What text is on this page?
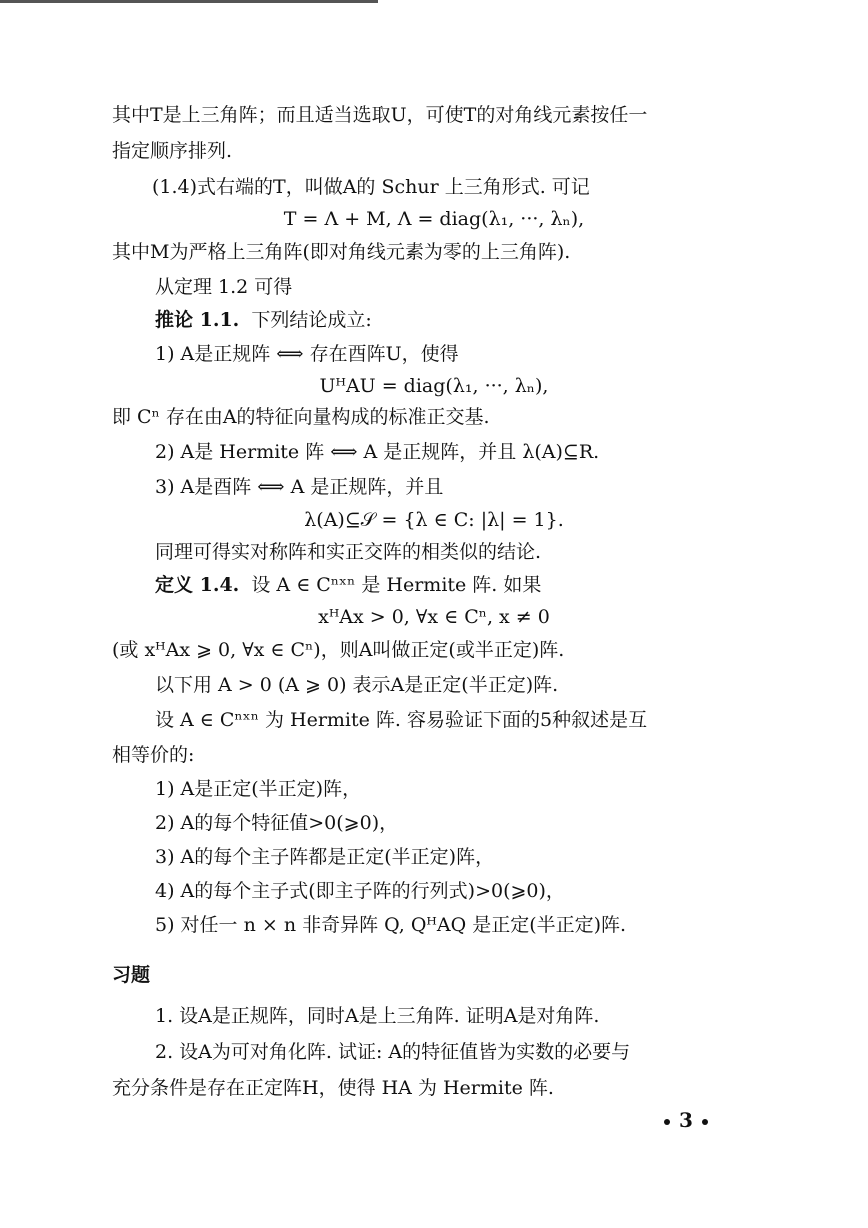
其中T是上三角阵；而且适当选取U，可使T的对角线元素按任一
指定顺序排列.
(1.4)式右端的T，叫做A的 Schur 上三角形式. 可记
T = Λ + M, Λ = diag(λ₁, ···, λₙ),
其中M为严格上三角阵(即对角线元素为零的上三角阵).
从定理 1.2 可得
推论 1.1. 下列结论成立:
1) A是正规阵 ⟺ 存在酉阵U，使得
UᴴAU = diag(λ₁, ···, λₙ),
即 Cⁿ 存在由A的特征向量构成的标准正交基.
2) A是 Hermite 阵 ⟺ A 是正规阵，并且 λ(A)⊆R.
3) A是酉阵 ⟺ A 是正规阵，并且
λ(A)⊆𝒮 = {λ ∈ C: |λ| = 1}.
同理可得实对称阵和实正交阵的相类似的结论.
定义 1.4. 设 A ∈ Cⁿˣⁿ 是 Hermite 阵. 如果
xᴴAx > 0, ∀x ∈ Cⁿ, x ≠ 0
(或 xᴴAx ⩾ 0, ∀x ∈ Cⁿ)，则A叫做正定(或半正定)阵.
以下用 A > 0 (A ⩾ 0) 表示A是正定(半正定)阵.
设 A ∈ Cⁿˣⁿ 为 Hermite 阵. 容易验证下面的5种叙述是互
相等价的:
1) A是正定(半正定)阵，
2) A的每个特征值>0(⩾0)，
3) A的每个主子阵都是正定(半正定)阵，
4) A的每个主子式(即主子阵的行列式)>0(⩾0)，
5) 对任一 n × n 非奇异阵 Q, QᴴAQ 是正定(半正定)阵.
习题
1. 设A是正规阵，同时A是上三角阵. 证明A是对角阵.
2. 设A为可对角化阵. 试证: A的特征值皆为实数的必要与
充分条件是存在正定阵H，使得 HA 为 Hermite 阵.
3
